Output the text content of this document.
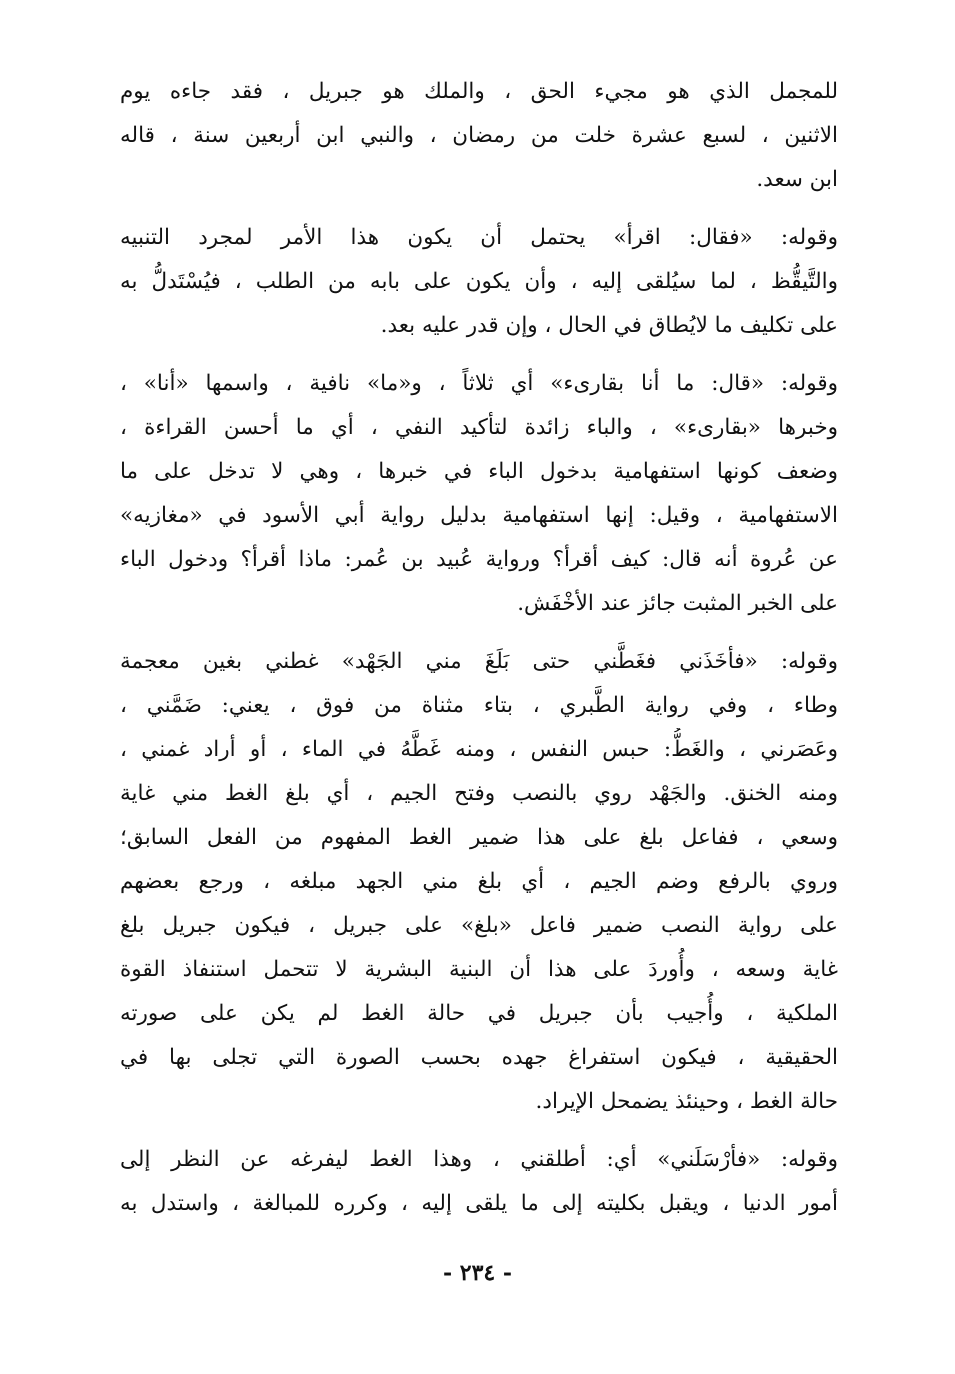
للمجمل الذي هو مجيء الحق ، والملك هو جبريل ، فقد جاءه يوم
الاثنين ، لسبع عشرة خلت من رمضان ، والنبي ابن أربعين سنة ، قاله
ابن سعد.
وقوله: «فقال: اقرأ» يحتمل أن يكون هذا الأمر لمجرد التنبيه
والتَّيقُّظ ، لما سيُلقى إليه ، وأن يكون على بابه من الطلب ، فيُسْتَدلُّ به
على تكليف ما لايُطاق في الحال ، وإن قدر عليه بعد.
وقوله: «قال: ما أنا بقارىء» أي ثلاثاً ، و«ما» نافية ، واسمها «أنا» ،
وخبرها «بقارىء» ، والباء زائدة لتأكيد النفي ، أي ما أحسن القراءة ،
وضعف كونها استفهامية بدخول الباء في خبرها ، وهي لا تدخل على ما
الاستفهامية ، وقيل: إنها استفهامية بدليل رواية أبي الأسود في «مغازيه»
عن عُروة أنه قال: كيف أقرأ؟ ورواية عُبيد بن عُمر: ماذا أقرأ؟ ودخول الباء
على الخبر المثبت جائز عند الأخْفَش.
وقوله: «فأخَذَني فغَطَّني حتى بَلَغَ مني الجَهْد» غطني بغين معجمة
وطاء ، وفي رواية الطَّبري ، بتاء مثناة من فوق ، يعني: ضَمَّني ،
وعَصَرني ، والغَطُّ: حبس النفس ، ومنه غَطَّهُ في الماء ، أو أراد غمني ،
ومنه الخنق. والجَهْد روي بالنصب وفتح الجيم ، أي بلغ الغط مني غاية
وسعي ، ففاعل بلغ على هذا ضمير الغط المفهوم من الفعل السابق؛
وروي بالرفع وضم الجيم ، أي بلغ مني الجهد مبلغه ، ورجع بعضهم
على رواية النصب ضمير فاعل «بلغ» على جبريل ، فيكون جبريل بلغ
غاية وسعه ، وأُوردَ على هذا أن البنية البشرية لا تتحمل استنفاذ القوة
الملكية ، وأُجيب بأن جبريل في حالة الغط لم يكن على صورته
الحقيقية ، فيكون استفراغ جهده بحسب الصورة التي تجلى بها في
حالة الغط ، وحينئذ يضمحل الإيراد.
وقوله: «فأرْسَلَني» أي: أطلقني ، وهذا الغط ليفرغه عن النظر إلى
أمور الدنيا ، ويقبل بكليته إلى ما يلقى إليه ، وكرره للمبالغة ، واستدل به
- ٢٣٤ -
